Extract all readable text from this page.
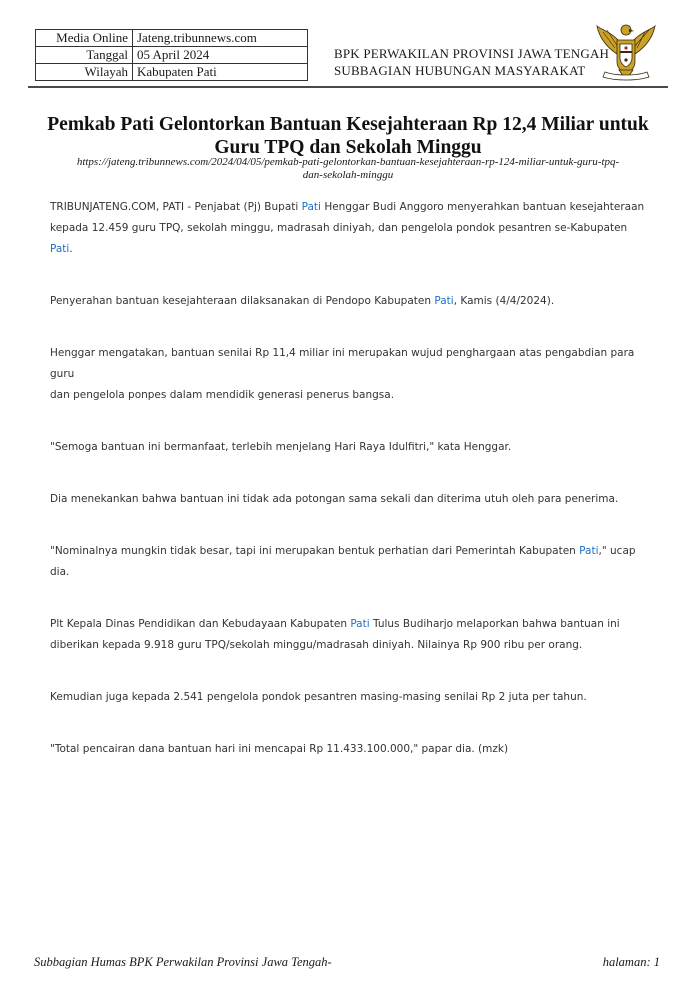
Media Online	Jateng.tribunnews.com
Tanggal	05 April 2024
Wilayah	Kabupaten Pati
BPK PERWAKILAN PROVINSI JAWA TENGAH
SUBBAGIAN HUBUNGAN MASYARAKAT
Pemkab Pati Gelontorkan Bantuan Kesejahteraan Rp 12,4 Miliar untuk
Guru TPQ dan Sekolah Minggu
https://jateng.tribunnews.com/2024/04/05/pemkab-pati-gelontorkan-bantuan-kesejahteraan-rp-124-miliar-untuk-guru-tpq-
dan-sekolah-minggu

TRIBUNJATENG.COM, PATI - Penjabat (Pj) Bupati Pati Henggar Budi Anggoro menyerahkan bantuan kesejahteraan
kepada 12.459 guru TPQ, sekolah minggu, madrasah diniyah, dan pengelola pondok pesantren se-Kabupaten Pati.

Penyerahan bantuan kesejahteraan dilaksanakan di Pendopo Kabupaten Pati, Kamis (4/4/2024).

Henggar mengatakan, bantuan senilai Rp 11,4 miliar ini merupakan wujud penghargaan atas pengabdian para guru
dan pengelola ponpes dalam mendidik generasi penerus bangsa.

"Semoga bantuan ini bermanfaat, terlebih menjelang Hari Raya Idulfitri," kata Henggar.

Dia menekankan bahwa bantuan ini tidak ada potongan sama sekali dan diterima utuh oleh para penerima.

"Nominalnya mungkin tidak besar, tapi ini merupakan bentuk perhatian dari Pemerintah Kabupaten Pati," ucap dia.

Plt Kepala Dinas Pendidikan dan Kebudayaan Kabupaten Pati Tulus Budiharjo melaporkan bahwa bantuan ini
diberikan kepada 9.918 guru TPQ/sekolah minggu/madrasah diniyah. Nilainya Rp 900 ribu per orang.

Kemudian juga kepada 2.541 pengelola pondok pesantren masing-masing senilai Rp 2 juta per tahun.

"Total pencairan dana bantuan hari ini mencapai Rp 11.433.100.000," papar dia. (mzk)

Subbagian Humas BPK Perwakilan Provinsi Jawa Tengah-	halaman: 1
